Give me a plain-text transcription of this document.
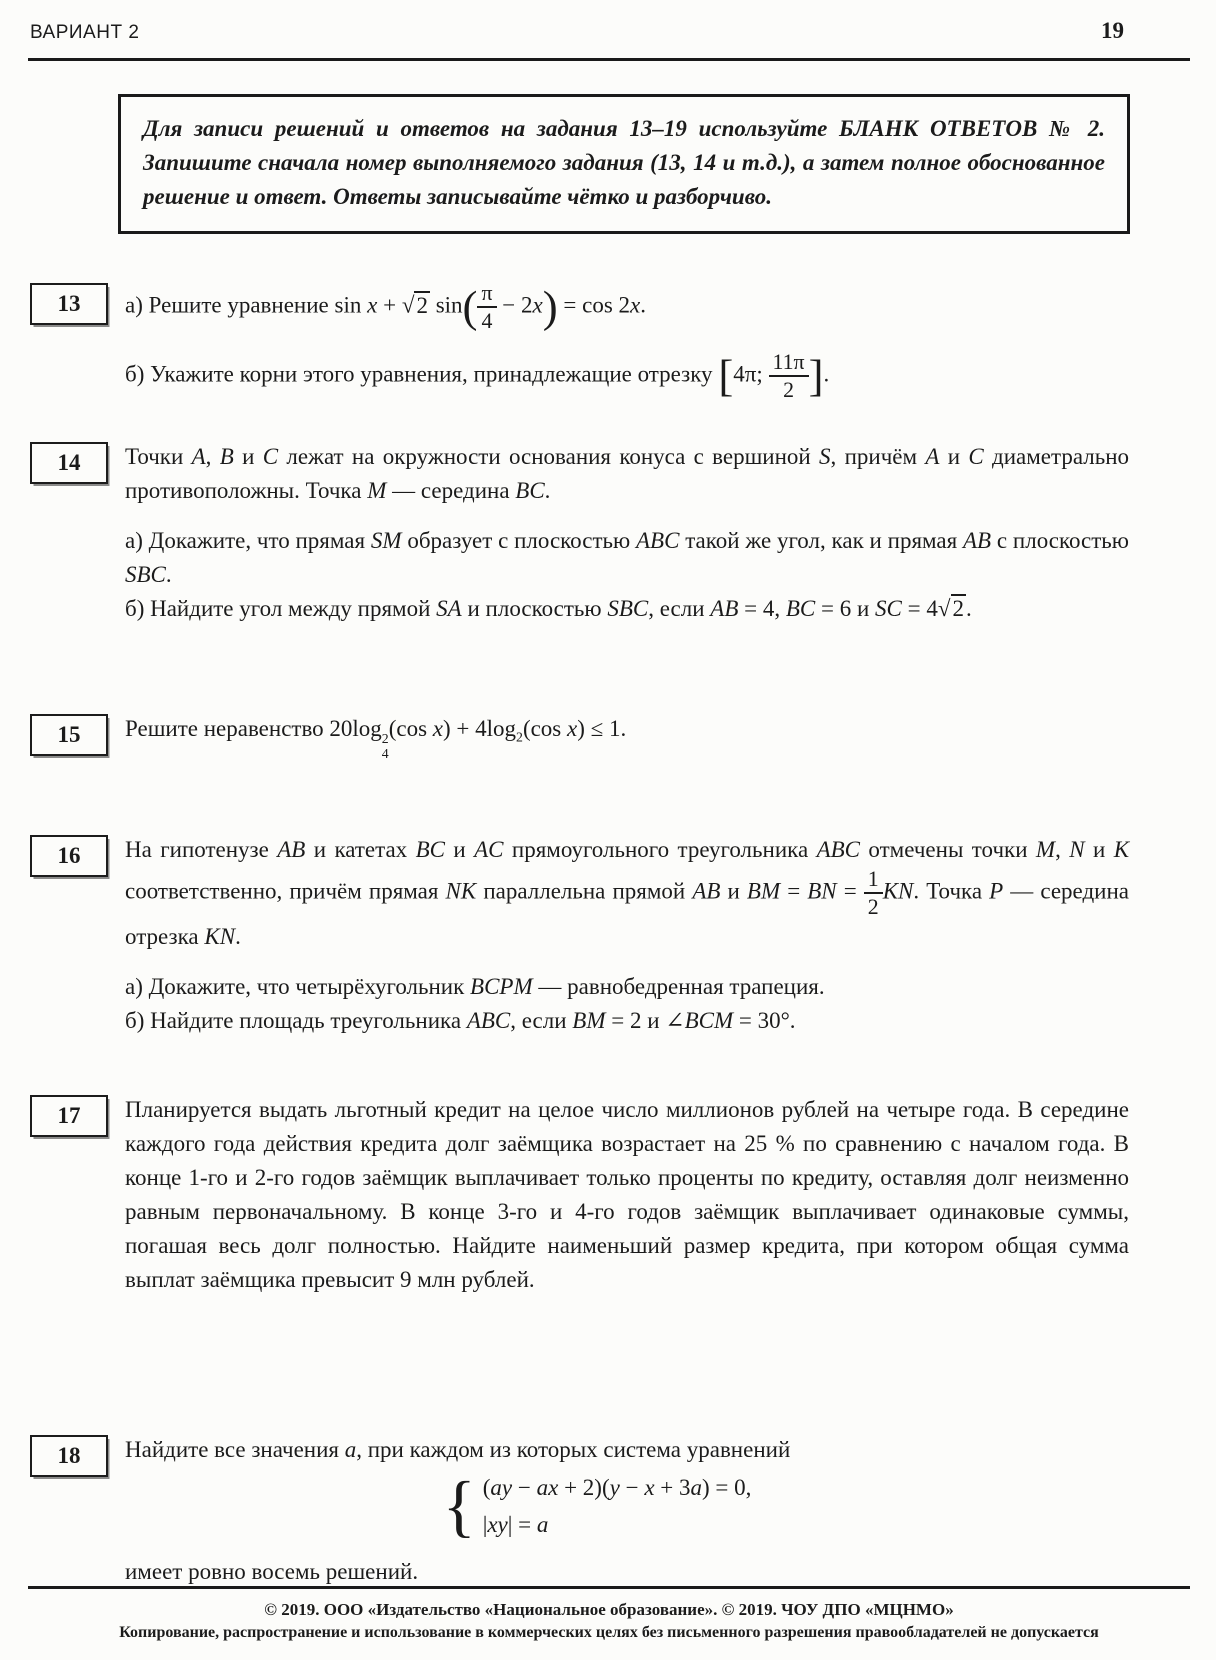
ВАРИАНТ 2	19

Для записи решений и ответов на задания 13–19 используйте БЛАНК ОТВЕТОВ № 2. Запишите сначала номер выполняемого задания (13, 14 и т.д.), а затем полное обоснованное решение и ответ. Ответы записывайте чётко и разборчиво.

13 а) Решите уравнение sin x + √2 $\sin( \frac{\pi}{4} - 2x) = \cos 2x$.
б) Укажите корни этого уравнения, принадлежащие отрезку [4π; $\frac{11\pi}{2}$ ].
14 Точки A, B и C лежат на окружности основания конуса с вершиной S, причём A и C диаметрально противоположны. Точка M — середина BC.

а) Докажите, что прямая SM образует с плоскостью ABC такой же угол, как и прямая AB с плоскостью SBC.

б) Найдите угол между прямой SA и плоскостью SBC, если AB = 4, BC = 6 и SC = 4√2.

15 Решите неравенство 20log 2
4
(cos $x) + 4\log_2(\cos$ x) ≤ 1.
16 На гипотенузе AB и катетах BC и AC прямоугольного треугольника ABC отмечены точки M, N и K соответственно, причём прямая NK параллельна прямой AB и BM = BN = $\frac{1}{2}$ KN. Точка P — середина отрезка KN.

а) Докажите, что четырёхугольник BCPM — равнобедренная трапеция.

б) Найдите площадь треугольника ABC, если BM = 2 и ∠BCM = 30°.

17 Планируется выдать льготный кредит на целое число миллионов рублей на четыре года. В середине каждого года действия кредита долг заёмщика возрастает на 25 % по сравнению с началом года. В конце 1-го и 2-го годов заёмщик выплачивает только проценты по кредиту, оставляя долг неизменно равным первоначальному. В конце 3-го и 4-го годов заёмщик выплачивает одинаковые суммы, погашая весь долг полностью. Найдите наименьший размер кредита, при котором общая сумма выплат заёмщика превысит 9 млн рублей.

18 Найдите все значения a, при каждом из которых система уравнений

{ (ay − ax + 2)(y − x + 3a) = 0,
|xy| = a

имеет ровно восемь решений.

© 2019. ООО «Издательство «Национальное образование». © 2019. ЧОУ ДПО «МЦНМО»

Копирование, распространение и использование в коммерческих целях без письменного разрешения правообладателей не допускается
